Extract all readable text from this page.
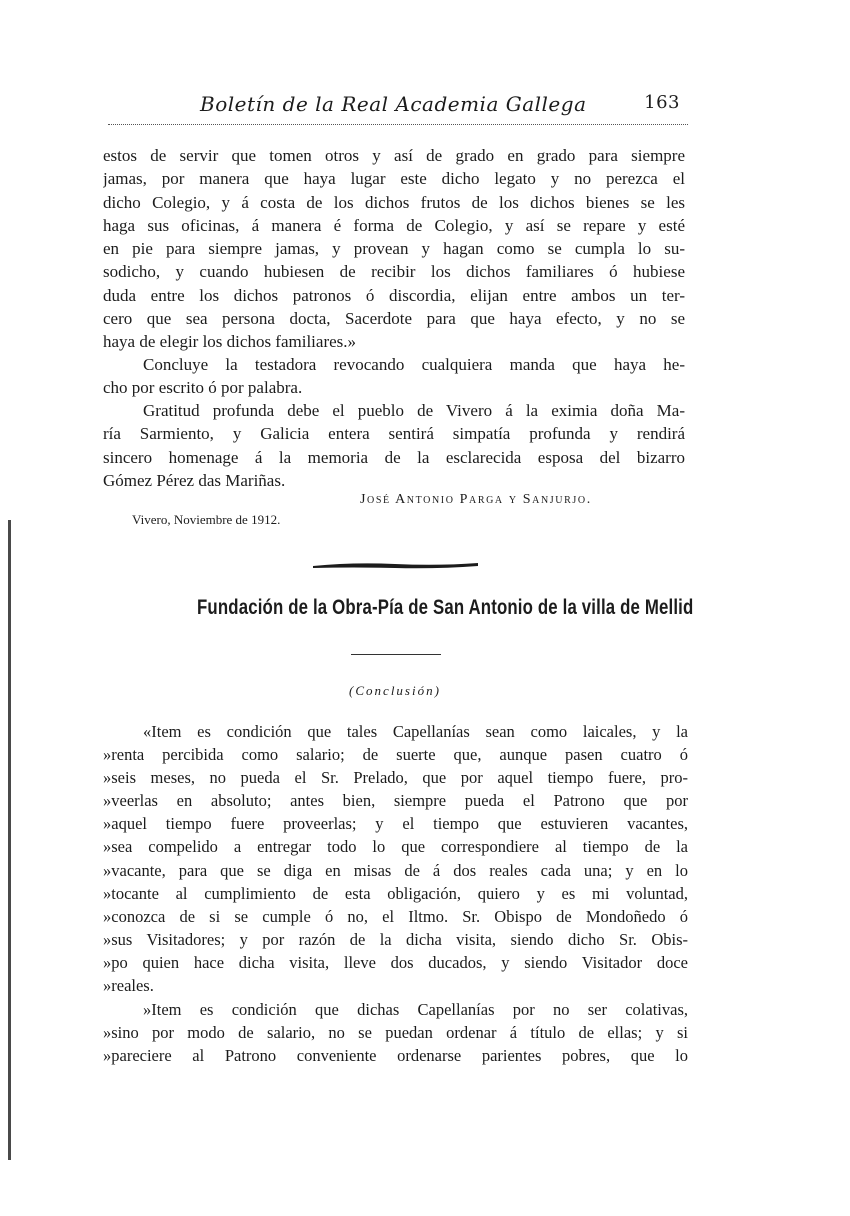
Boletín de la Real Academia Gallega	163
estos de servir que tomen otros y así de grado en grado para siempre
jamas, por manera que haya lugar este dicho legato y no perezca el
dicho Colegio, y á costa de los dichos frutos de los dichos bienes se les
haga sus oficinas, á manera é forma de Colegio, y así se repare y esté
en pie para siempre jamas, y provean y hagan como se cumpla lo su-
sodicho, y cuando hubiesen de recibir los dichos familiares ó hubiese
duda entre los dichos patronos ó discordia, elijan entre ambos un ter-
cero que sea persona docta, Sacerdote para que haya efecto, y no se
haya de elegir los dichos familiares.»
Concluye la testadora revocando cualquiera manda que haya he-
cho por escrito ó por palabra.
Gratitud profunda debe el pueblo de Vivero á la eximia doña Ma-
ría Sarmiento, y Galicia entera sentirá simpatía profunda y rendirá
sincero homenage á la memoria de la esclarecida esposa del bizarro
Gómez Pérez das Mariñas.
José Antonio Parga y Sanjurjo.
Vivero, Noviembre de 1912.
Fundación de la Obra-Pía de San Antonio de la villa de Mellid
(Conclusión)
«Item es condición que tales Capellanías sean como laicales, y la
»renta percibida como salario; de suerte que, aunque pasen cuatro ó
»seis meses, no pueda el Sr. Prelado, que por aquel tiempo fuere, pro-
»veerlas en absoluto; antes bien, siempre pueda el Patrono que por
»aquel tiempo fuere proveerlas; y el tiempo que estuvieren vacantes,
»sea compelido a entregar todo lo que correspondiere al tiempo de la
»vacante, para que se diga en misas de á dos reales cada una; y en lo
»tocante al cumplimiento de esta obligación, quiero y es mi voluntad,
»conozca de si se cumple ó no, el Iltmo. Sr. Obispo de Mondoñedo ó
»sus Visitadores; y por razón de la dicha visita, siendo dicho Sr. Obis-
»po quien hace dicha visita, lleve dos ducados, y siendo Visitador doce
»reales.
»Item es condición que dichas Capellanías por no ser colativas,
»sino por modo de salario, no se puedan ordenar á título de ellas; y si
»pareciere al Patrono conveniente ordenarse parientes pobres, que lo
